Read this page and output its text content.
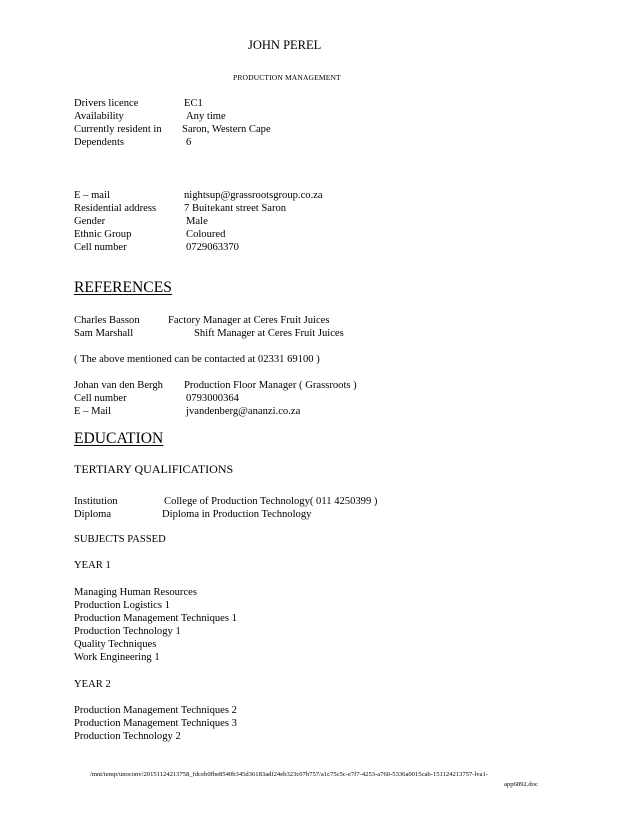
JOHN PEREL
PRODUCTION MANAGEMENT
Drivers licence	EC1
Availability	Any time
Currently resident in Saron, Western Cape
Dependents	6
E – mail	nightsup@grassrootsgroup.co.za
Residential address	7 Buitekant street Saron
Gender	Male
Ethnic Group	Coloured
Cell number	0729063370
REFERENCES
Charles Basson	Factory Manager at Ceres Fruit Juices
Sam Marshall	Shift Manager at Ceres Fruit Juices
( The above mentioned can be contacted at 02331 69100 )
Johan van den Bergh Production Floor Manager ( Grassroots )
Cell number	0793000364
E – Mail	jvandenberg@ananzi.co.za
EDUCATION
TERTIARY QUALIFICATIONS
Institution	College of Production Technology( 011 4250399 )
Diploma	Diploma in Production Technology
SUBJECTS PASSED
YEAR 1
Managing Human Resources
Production Logistics 1
Production Management Techniques 1
Production Technology 1
Quality Techniques
Work Engineering 1
YEAR 2
Production Management Techniques 2
Production Management Techniques 3
Production Technology 2
/mnt/temp/unoconv/20151124213758_fdceb0fbe8540b345d36183adf24eb323c07b757/a1c75c5c-e7f7-4253-a760-5336a0015cab-151124213757-lva1-
app6892.doc
